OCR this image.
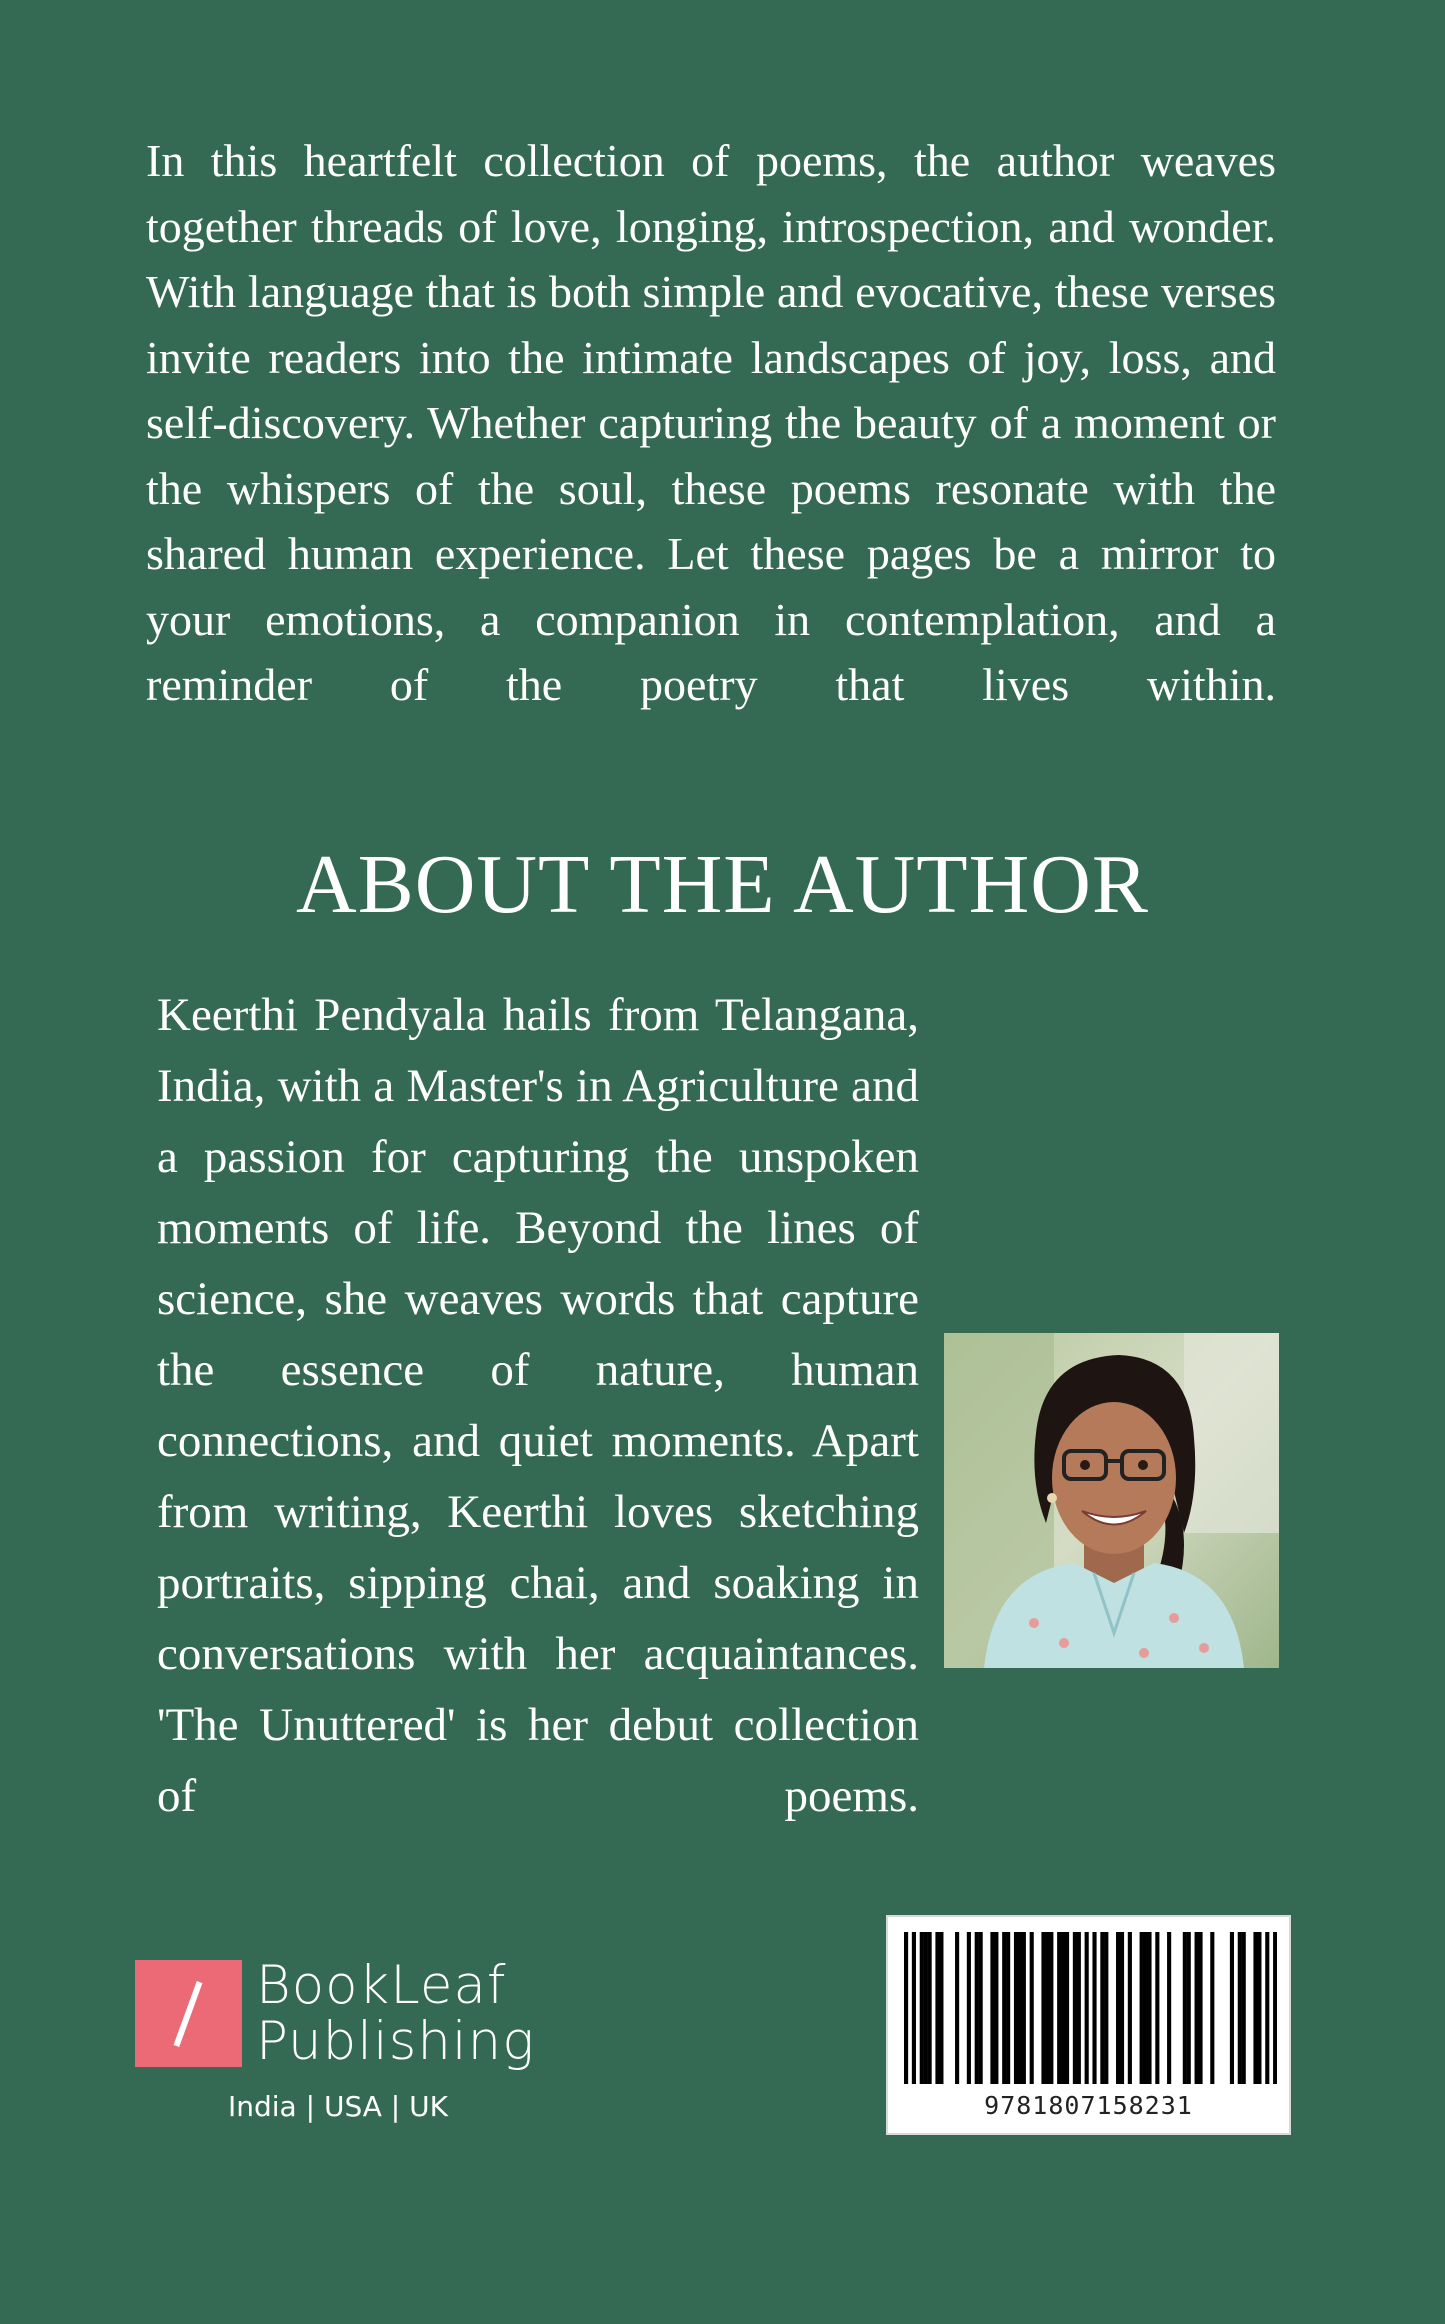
In this heartfelt collection of poems, the author weaves together threads of love, longing, introspection, and wonder. With language that is both simple and evocative, these verses invite readers into the intimate landscapes of joy, loss, and self-discovery. Whether capturing the beauty of a moment or the whispers of the soul, these poems resonate with the shared human experience. Let these pages be a mirror to your emotions, a companion in contemplation, and a reminder of the poetry that lives within.

ABOUT THE AUTHOR

Keerthi Pendyala hails from Telangana, India, with a Master's in Agriculture and a passion for capturing the unspoken moments of life. Beyond the lines of science, she weaves words that capture the essence of nature, human connections, and quiet moments. Apart from writing, Keerthi loves sketching portraits, sipping chai, and soaking in conversations with her acquaintances. 'The Unuttered' is her debut collection of poems.

BookLeaf
Publishing
India | USA | UK	9781807158231
